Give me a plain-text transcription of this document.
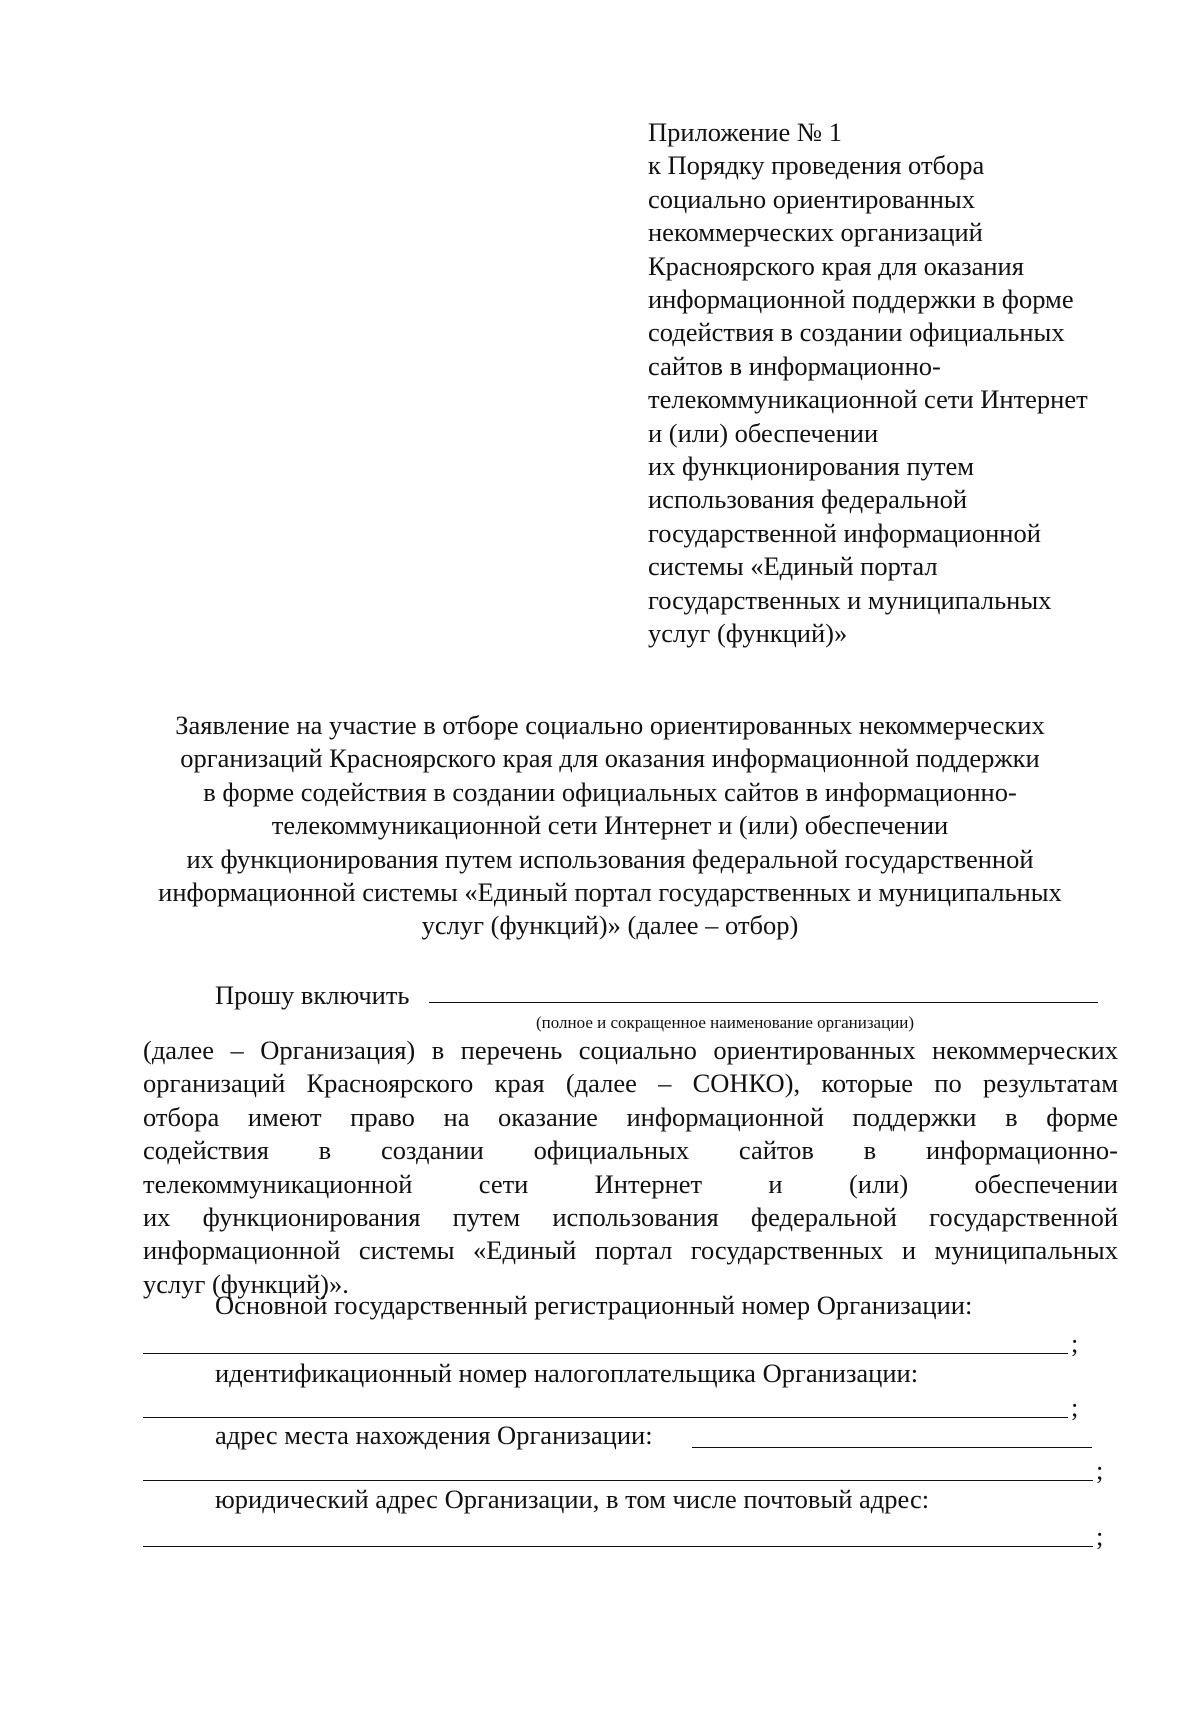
Приложение № 1
к Порядку проведения отбора
социально ориентированных
некоммерческих организаций
Красноярского края для оказания
информационной поддержки в форме
содействия в создании официальных
сайтов в информационно-
телекоммуникационной сети Интернет
и (или) обеспечении
их функционирования путем
использования федеральной
государственной информационной
системы «Единый портал
государственных и муниципальных
услуг (функций)»
Заявление на участие в отборе социально ориентированных некоммерческих
организаций Красноярского края для оказания информационной поддержки
в форме содействия в создании официальных сайтов в информационно-
телекоммуникационной сети Интернет и (или) обеспечении
их функционирования путем использования федеральной государственной
информационной системы «Единый портал государственных и муниципальных
услуг (функций)» (далее – отбор)
Прошу включить
(полное и сокращенное наименование организации)
(далее – Организация) в перечень социально ориентированных некоммерческих
организаций Красноярского края (далее – СОНКО), которые по результатам
отбора имеют право на оказание информационной поддержки в форме
содействия в создании официальных сайтов в информационно-
телекоммуникационной сети Интернет и (или) обеспечении
их функционирования путем использования федеральной государственной
информационной системы «Единый портал государственных и муниципальных
услуг (функций)».
Основной государственный регистрационный номер Организации:
;
идентификационный номер налогоплательщика Организации:
;
адрес места нахождения Организации:
;
юридический адрес Организации, в том числе почтовый адрес:
;
